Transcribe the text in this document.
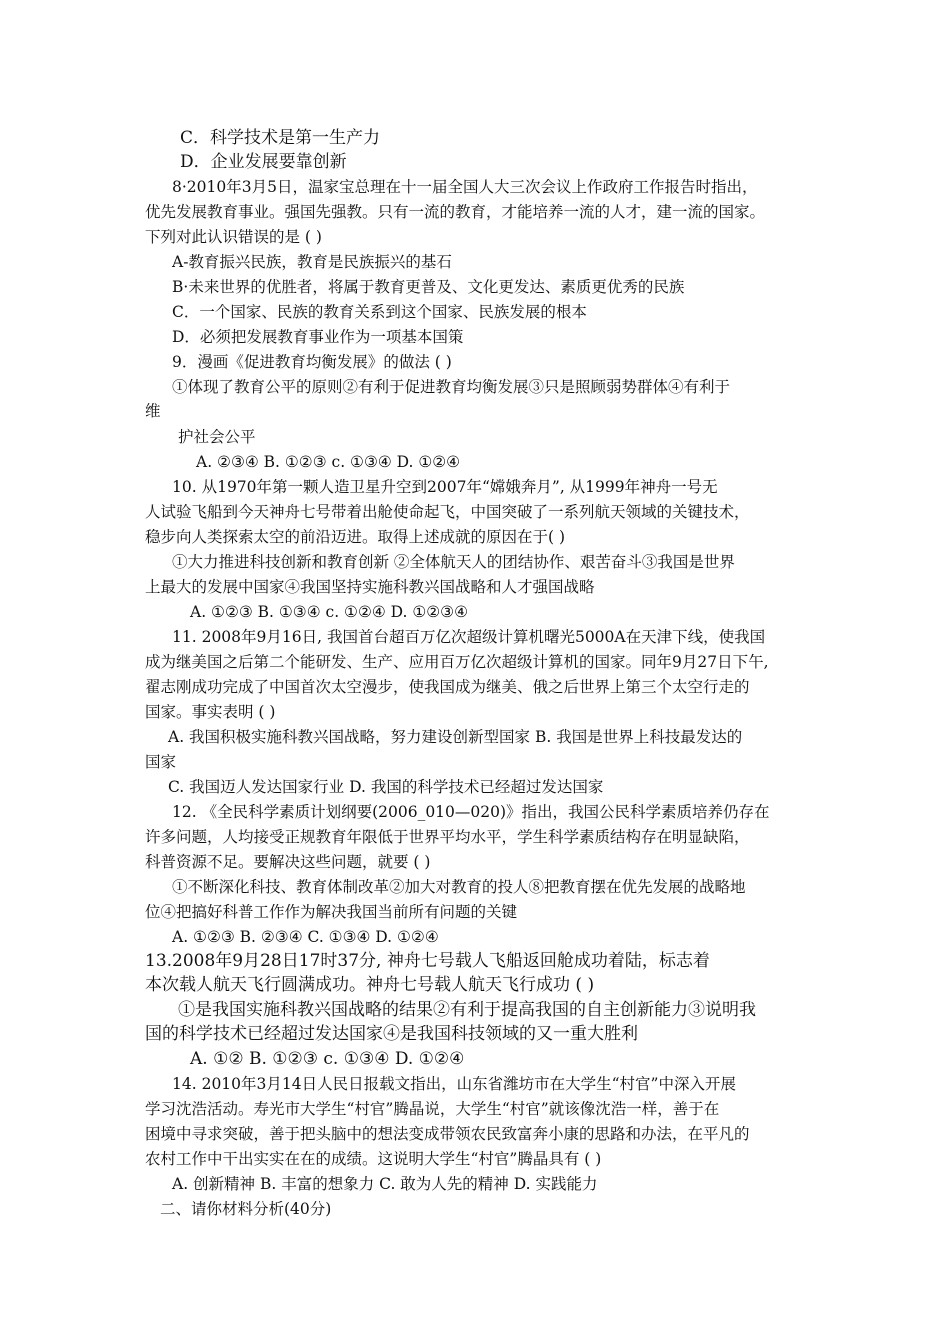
C．科学技术是第一生产力
D．企业发展要靠创新
8·2010年3月5日，温家宝总理在十一届全国人大三次会议上作政府工作报告时指出，
优先发展教育事业。强国先强教。只有一流的教育，才能培养一流的人才，建一流的国家。
下列对此认识错误的是 ( )
A-教育振兴民族，教育是民族振兴的基石
B·未来世界的优胜者，将属于教育更普及、文化更发达、素质更优秀的民族
C．一个国家、民族的教育关系到这个国家、民族发展的根本
D．必须把发展教育事业作为一项基本国策
9．漫画《促进教育均衡发展》的做法 ( )
①体现了教育公平的原则②有利于促进教育均衡发展③只是照顾弱势群体④有利于
维
护社会公平
A. ②③④ B. ①②③ c. ①③④ D. ①②④
10. 从1970年第一颗人造卫星升空到2007年“嫦娥奔月”, 从1999年神舟一号无
人试验飞船到今天神舟七号带着出舱使命起飞，中国突破了一系列航天领域的关键技术，
稳步向人类探索太空的前沿迈进。取得上述成就的原因在于( )
①大力推进科技创新和教育创新 ②全体航天人的团结协作、艰苦奋斗③我国是世界
上最大的发展中国家④我国坚持实施科教兴国战略和人才强国战略
A. ①②③ B. ①③④ c. ①②④ D. ①②③④
11. 2008年9月16日, 我国首台超百万亿次超级计算机曙光5000A在天津下线，使我国
成为继美国之后第二个能研发、生产、应用百万亿次超级计算机的国家。同年9月27日下午,
翟志刚成功完成了中国首次太空漫步，使我国成为继美、俄之后世界上第三个太空行走的
国家。事实表明 ( )
A. 我国积极实施科教兴国战略，努力建设创新型国家 B. 我国是世界上科技最发达的
国家
C. 我国迈人发达国家行业 D. 我国的科学技术已经超过发达国家
12. 《全民科学素质计划纲要(2006_010—020)》指出，我国公民科学素质培养仍存在
许多问题，人均接受正规教育年限低于世界平均水平，学生科学素质结构存在明显缺陷，
科普资源不足。要解决这些问题，就要 ( )
①不断深化科技、教育体制改革②加大对教育的投人⑧把教育摆在优先发展的战略地
位④把搞好科普工作作为解决我国当前所有问题的关键
A. ①②③ B. ②③④ C. ①③④ D. ①②④
13.2008年9月28日17时37分, 神舟七号载人飞船返回舱成功着陆，标志着
本次载人航天飞行圆满成功。神舟七号载人航天飞行成功 ( )
①是我国实施科教兴国战略的结果②有利于提高我国的自主创新能力③说明我
国的科学技术已经超过发达国家④是我国科技领域的又一重大胜利
A. ①② B. ①②③ c. ①③④ D. ①②④
14. 2010年3月14日人民日报载文指出，山东省潍坊市在大学生“村官”中深入开展
学习沈浩活动。寿光市大学生“村官”腾晶说，大学生“村官”就该像沈浩一样，善于在
困境中寻求突破，善于把头脑中的想法变成带领农民致富奔小康的思路和办法，在平凡的
农村工作中干出实实在在的成绩。这说明大学生“村官”腾晶具有 ( )
A. 创新精神 B. 丰富的想象力 C. 敢为人先的精神 D. 实践能力
二、请你材料分析(40分)
